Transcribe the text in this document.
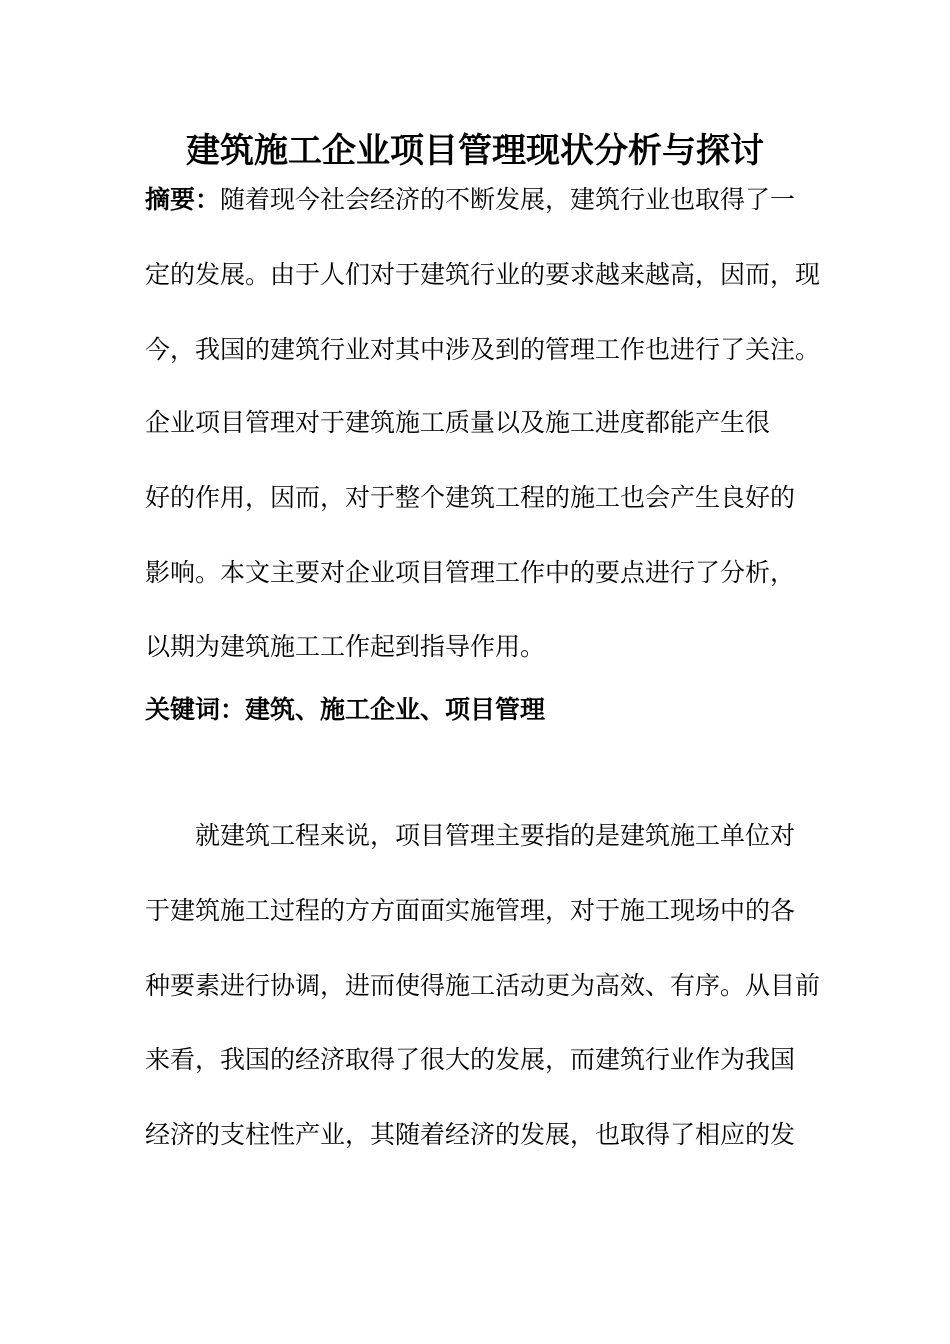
建筑施工企业项目管理现状分析与探讨
摘要：随着现今社会经济的不断发展，建筑行业也取得了一
定的发展。由于人们对于建筑行业的要求越来越高，因而，现
今，我国的建筑行业对其中涉及到的管理工作也进行了关注。
企业项目管理对于建筑施工质量以及施工进度都能产生很
好的作用，因而，对于整个建筑工程的施工也会产生良好的
影响。本文主要对企业项目管理工作中的要点进行了分析，
以期为建筑施工工作起到指导作用。
关键词：建筑、施工企业、项目管理
就建筑工程来说，项目管理主要指的是建筑施工单位对
于建筑施工过程的方方面面实施管理，对于施工现场中的各
种要素进行协调，进而使得施工活动更为高效、有序。从目前
来看，我国的经济取得了很大的发展，而建筑行业作为我国
经济的支柱性产业，其随着经济的发展，也取得了相应的发
